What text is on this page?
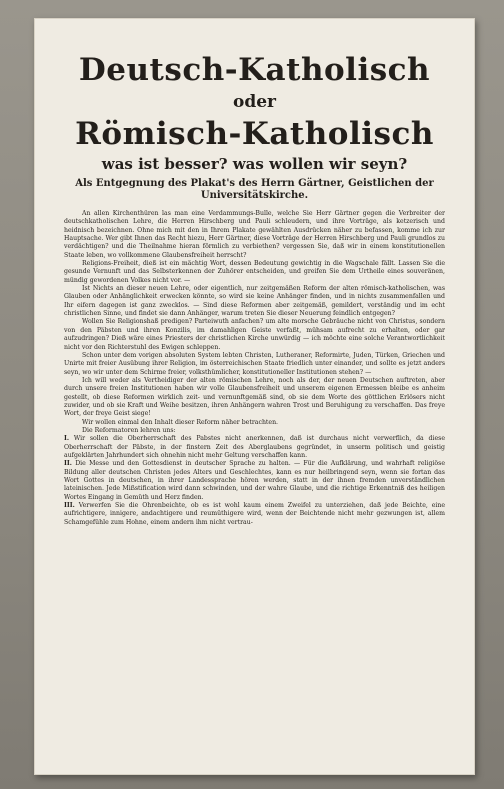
Deutsch-Katholisch
oder
Römisch-Katholisch
was ist besser? was wollen wir seyn?
Als Entgegnung des Plakat's des Herrn Gärtner, Geistlichen der Universitätskirche.

An allen Kirchenthüren las man eine Verdammungs-Bulle, welche Sie Herr Gärtner gegen die Verbreiter der deutschkatholischen Lehre, die Herren Hirschberg und Pauli schleudern, und ihre Vorträge, als ketzerisch und heidnisch bezeichnen. Ohne mich mit den in Ihrem Plakate gewählten Ausdrücken näher zu befassen, komme ich zur Hauptsache. Wer gibt Ihnen das Recht hiezu, Herr Gärtner, diese Vorträge der Herren Hirschberg und Pauli grundlos zu verdächtigen? und die Theilnahme hieran förmlich zu verbiethen? vergessen Sie, daß wir in einem konstitutionellen Staate leben, wo vollkommene Glaubensfreiheit herrscht?

Religions-Freiheit, dieß ist ein mächtig Wort, dessen Bedeutung gewichtig in die Wagschale fällt. Lassen Sie die gesunde Vernunft und das Selbsterkennen der Zuhörer entscheiden, und greifen Sie dem Urtheile eines souveränen, mündig gewordenen Volkes nicht vor. —

Ist Nichts an dieser neuen Lehre, oder eigentlich, nur zeitgemäßen Reform der alten römisch-katholischen, was Glauben oder Anhänglichkeit erwecken könnte, so wird sie keine Anhänger finden, und in nichts zusammenfallen und Ihr eifern dagegen ist ganz zwecklos. — Sind diese Reformen aber zeitgemäß, gemildert, verständig und im echt christlichen Sinne, und findet sie dann Anhänger, warum treten Sie dieser Neuerung feindlich entgegen?

Wollen Sie Religionshaß predigen? Parteiwuth anfachen? um alte morsche Gebräuche nicht von Christus, sondern von den Päbsten und ihren Konzilis, im damahligen Geiste verfaßt, mühsam aufrecht zu erhalten, oder gar aufzudringen? Dieß wäre eines Priesters der christlichen Kirche unwürdig — ich möchte eine solche Verantwortlichkeit nicht vor den Richterstuhl des Ewigen schleppen.

Schon unter dem vorigen absoluten System lebten Christen, Lutheraner, Reformirte, Juden, Türken, Griechen und Unirte mit freier Ausübung ihrer Religion, im österreichischen Staate friedlich unter einander, und sollte es jetzt anders seyn, wo wir unter dem Schirme freier, volksthümlicher, konstitutioneller Institutionen stehen? —

Ich will weder als Vertheidiger der alten römischen Lehre, noch als der, der neuen Deutschen auftreten, aber durch unsere freien Institutionen haben wir volle Glaubensfreiheit und unserem eigenen Ermessen bleibe es anheim gestellt, ob diese Reformen wirklich zeit- und vernunftgemäß sind, ob sie dem Worte des göttlichen Erlösers nicht zuwider, und ob sie Kraft und Weihe besitzen, ihren Anhängern wahren Trost und Beruhigung zu verschaffen. Das freye Wort, der freye Geist siege!

Wir wollen einmal den Inhalt dieser Reform näher betrachten.

Die Reformatoren lehren uns:

I. Wir sollen die Oberherrschaft des Pabstes nicht anerkennen, daß ist durchaus nicht verwerflich, da diese Oberherrschaft der Päbste, in der finstern Zeit des Aberglaubens gegründet, in unserm politisch und geistig aufgeklärten Jahrhundert sich ohnehin nicht mehr Geltung verschaffen kann.

II. Die Messe und den Gottesdienst in deutscher Sprache zu halten. — Für die Aufklärung, und wahrhaft religiöse Bildung aller deutschen Christen jedes Alters und Geschlechtes, kann es nur heilbringend seyn, wenn sie fortan das Wort Gottes in deutschen, in ihrer Landessprache hören werden, statt in der ihnen fremden unverständlichen lateinischen. Jede Mißstification wird dann schwinden, und der wahre Glaube, und die richtige Erkenntniß des heiligen Wortes Eingang in Gemüth und Herz finden.

III. Verwerfen Sie die Ohrenbeichte, ob es ist wohl kaum einem Zweifel zu unterziehen, daß jede Beichte, eine aufrichtigere, innigere, andachtigere und reumüthigere wird, wenn der Beichtende nicht mehr gezwungen ist, allem Schamgefühle zum Hohne, einem andern ihm nicht vertrau-
